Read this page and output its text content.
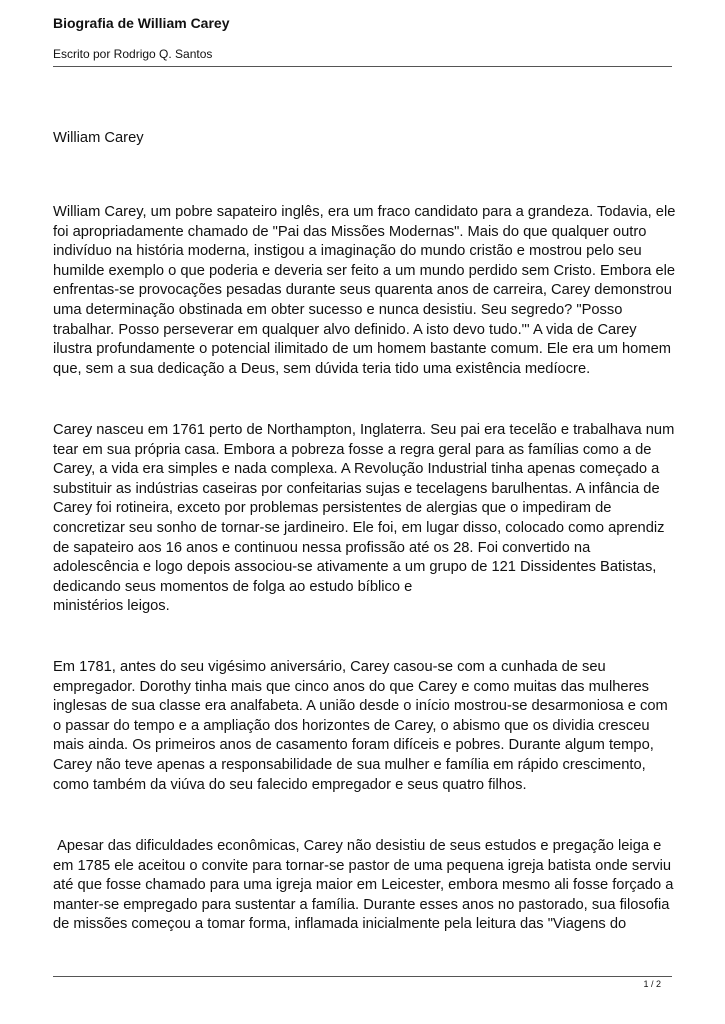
Biografia de William Carey

Escrito por Rodrigo Q. Santos

William Carey

William Carey, um pobre sapateiro inglês, era um fraco candidato para a grandeza. Todavia, ele foi apropriadamente chamado de "Pai das Missões Modernas". Mais do que qualquer outro indivíduo na história moderna, instigou a imaginação do mundo cristão e mostrou pelo seu humilde exemplo o que poderia e deveria ser feito a um mundo perdido sem Cristo. Embora ele enfrentas-se provocações pesadas durante seus quarenta anos de carreira, Carey demonstrou uma determinação obstinada em obter sucesso e nunca desistiu. Seu segredo? "Posso trabalhar. Posso perseverar em qualquer alvo definido. A isto devo tudo."' A vida de Carey ilustra profundamente o potencial ilimitado de um homem bastante comum. Ele era um homem que, sem a sua dedicação a Deus, sem dúvida teria tido uma existência medíocre.

Carey nasceu em 1761 perto de Northampton, Inglaterra. Seu pai era tecelão e trabalhava num tear em sua própria casa. Embora a pobreza fosse a regra geral para as famílias como a de Carey, a vida era simples e nada complexa. A Revolução Industrial tinha apenas começado a substituir as indústrias caseiras por confeitarias sujas e tecelagens barulhentas. A infância de Carey foi rotineira, exceto por problemas persistentes de alergias que o impediram de concretizar seu sonho de tornar-se jardineiro. Ele foi, em lugar disso, colocado como aprendiz de sapateiro aos 16 anos e continuou nessa profissão até os 28. Foi convertido na adolescência e logo depois associou-se ativamente a um grupo de 121 Dissidentes Batistas, dedicando seus momentos de folga ao estudo bíblico e
ministérios leigos.

Em 1781, antes do seu vigésimo aniversário, Carey casou-se com a cunhada de seu empregador. Dorothy tinha mais que cinco anos do que Carey e como muitas das mulheres inglesas de sua classe era analfabeta. A união desde o início mostrou-se desarmoniosa e com o passar do tempo e a ampliação dos horizontes de Carey, o abismo que os dividia cresceu mais ainda. Os primeiros anos de casamento foram difíceis e pobres. Durante algum tempo, Carey não teve apenas a responsabilidade de sua mulher e família em rápido crescimento, como também da viúva do seu falecido empregador e seus quatro filhos.

Apesar das dificuldades econômicas, Carey não desistiu de seus estudos e pregação leiga e em 1785 ele aceitou o convite para tornar-se pastor de uma pequena igreja batista onde serviu até que fosse chamado para uma igreja maior em Leicester, embora mesmo ali fosse forçado a manter-se empregado para sustentar a família. Durante esses anos no pastorado, sua filosofia de missões começou a tomar forma, inflamada inicialmente pela leitura das "Viagens do

1 / 2
